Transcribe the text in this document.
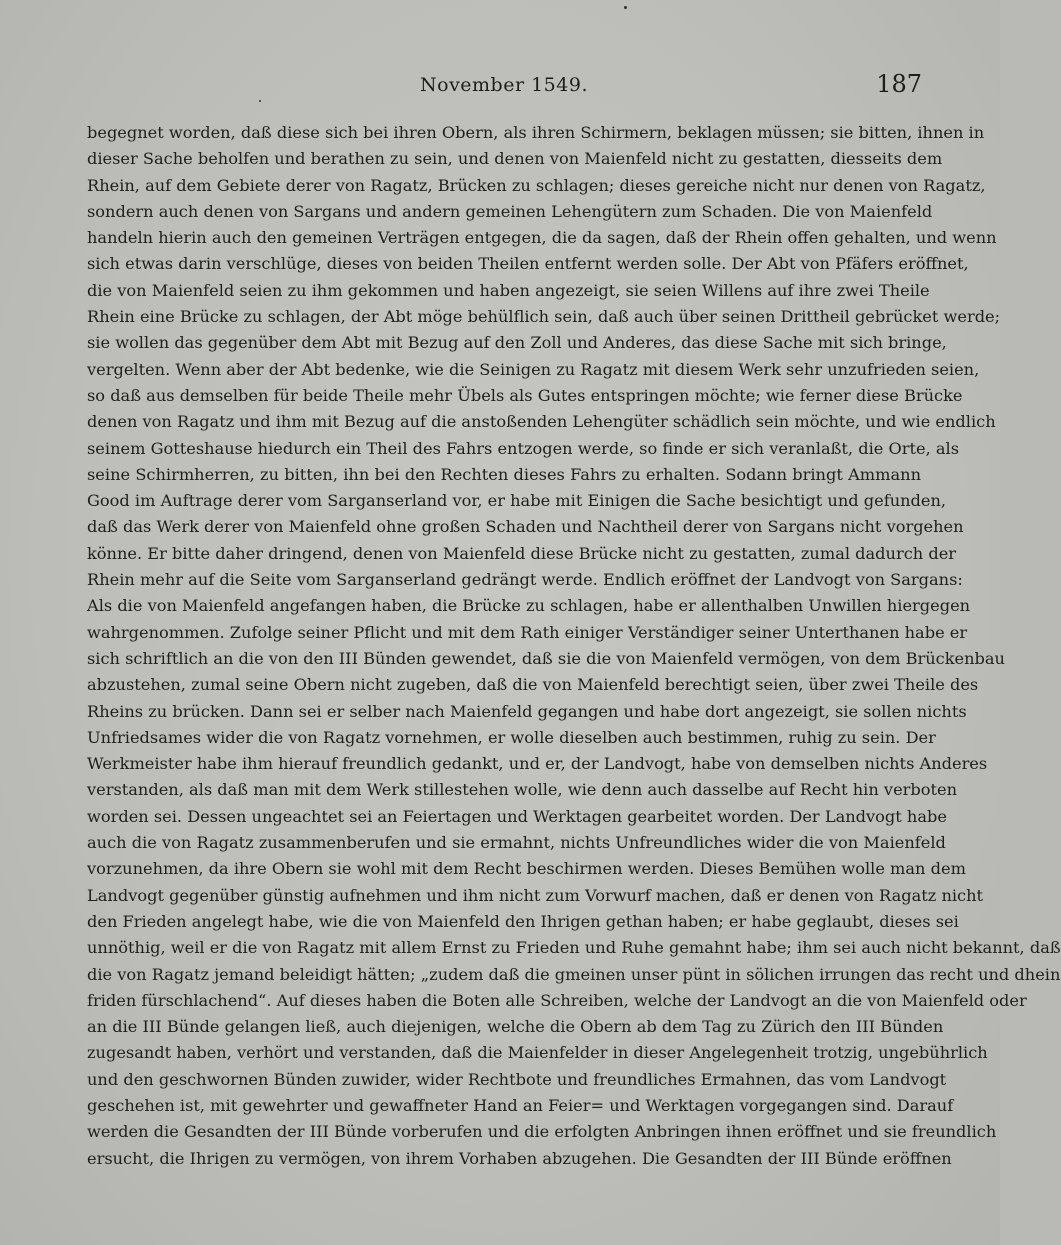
November 1549.	187
begegnet worden, daß diese sich bei ihren Obern, als ihren Schirmern, beklagen müssen; sie bitten, ihnen in
dieser Sache beholfen und berathen zu sein, und denen von Maienfeld nicht zu gestatten, diesseits dem
Rhein, auf dem Gebiete derer von Ragatz, Brücken zu schlagen; dieses gereiche nicht nur denen von Ragatz,
sondern auch denen von Sargans und andern gemeinen Lehengütern zum Schaden. Die von Maienfeld
handeln hierin auch den gemeinen Verträgen entgegen, die da sagen, daß der Rhein offen gehalten, und wenn
sich etwas darin verschlüge, dieses von beiden Theilen entfernt werden solle. Der Abt von Pfäfers eröffnet,
die von Maienfeld seien zu ihm gekommen und haben angezeigt, sie seien Willens auf ihre zwei Theile
Rhein eine Brücke zu schlagen, der Abt möge behülflich sein, daß auch über seinen Drittheil gebrücket werde;
sie wollen das gegenüber dem Abt mit Bezug auf den Zoll und Anderes, das diese Sache mit sich bringe,
vergelten. Wenn aber der Abt bedenke, wie die Seinigen zu Ragatz mit diesem Werk sehr unzufrieden seien,
so daß aus demselben für beide Theile mehr Übels als Gutes entspringen möchte; wie ferner diese Brücke
denen von Ragatz und ihm mit Bezug auf die anstoßenden Lehengüter schädlich sein möchte, und wie endlich
seinem Gotteshause hiedurch ein Theil des Fahrs entzogen werde, so finde er sich veranlaßt, die Orte, als
seine Schirmherren, zu bitten, ihn bei den Rechten dieses Fahrs zu erhalten. Sodann bringt Ammann
Good im Auftrage derer vom Sarganserland vor, er habe mit Einigen die Sache besichtigt und gefunden,
daß das Werk derer von Maienfeld ohne großen Schaden und Nachtheil derer von Sargans nicht vorgehen
könne. Er bitte daher dringend, denen von Maienfeld diese Brücke nicht zu gestatten, zumal dadurch der
Rhein mehr auf die Seite vom Sarganserland gedrängt werde. Endlich eröffnet der Landvogt von Sargans:
Als die von Maienfeld angefangen haben, die Brücke zu schlagen, habe er allenthalben Unwillen hiergegen
wahrgenommen. Zufolge seiner Pflicht und mit dem Rath einiger Verständiger seiner Unterthanen habe er
sich schriftlich an die von den III Bünden gewendet, daß sie die von Maienfeld vermögen, von dem Brückenbau
abzustehen, zumal seine Obern nicht zugeben, daß die von Maienfeld berechtigt seien, über zwei Theile des
Rheins zu brücken. Dann sei er selber nach Maienfeld gegangen und habe dort angezeigt, sie sollen nichts
Unfriedsames wider die von Ragatz vornehmen, er wolle dieselben auch bestimmen, ruhig zu sein. Der
Werkmeister habe ihm hierauf freundlich gedankt, und er, der Landvogt, habe von demselben nichts Anderes
verstanden, als daß man mit dem Werk stillestehen wolle, wie denn auch dasselbe auf Recht hin verboten
worden sei. Dessen ungeachtet sei an Feiertagen und Werktagen gearbeitet worden. Der Landvogt habe
auch die von Ragatz zusammenberufen und sie ermahnt, nichts Unfreundliches wider die von Maienfeld
vorzunehmen, da ihre Obern sie wohl mit dem Recht beschirmen werden. Dieses Bemühen wolle man dem
Landvogt gegenüber günstig aufnehmen und ihm nicht zum Vorwurf machen, daß er denen von Ragatz nicht
den Frieden angelegt habe, wie die von Maienfeld den Ihrigen gethan haben; er habe geglaubt, dieses sei
unnöthig, weil er die von Ragatz mit allem Ernst zu Frieden und Ruhe gemahnt habe; ihm sei auch nicht bekannt, daß
die von Ragatz jemand beleidigt hätten; „zudem daß die gmeinen unser pünt in sölichen irrungen das recht und dhein
friden fürschlachend“. Auf dieses haben die Boten alle Schreiben, welche der Landvogt an die von Maienfeld oder
an die III Bünde gelangen ließ, auch diejenigen, welche die Obern ab dem Tag zu Zürich den III Bünden
zugesandt haben, verhört und verstanden, daß die Maienfelder in dieser Angelegenheit trotzig, ungebührlich
und den geschwornen Bünden zuwider, wider Rechtbote und freundliches Ermahnen, das vom Landvogt
geschehen ist, mit gewehrter und gewaffneter Hand an Feier= und Werktagen vorgegangen sind. Darauf
werden die Gesandten der III Bünde vorberufen und die erfolgten Anbringen ihnen eröffnet und sie freundlich
ersucht, die Ihrigen zu vermögen, von ihrem Vorhaben abzugehen. Die Gesandten der III Bünde eröffnen
